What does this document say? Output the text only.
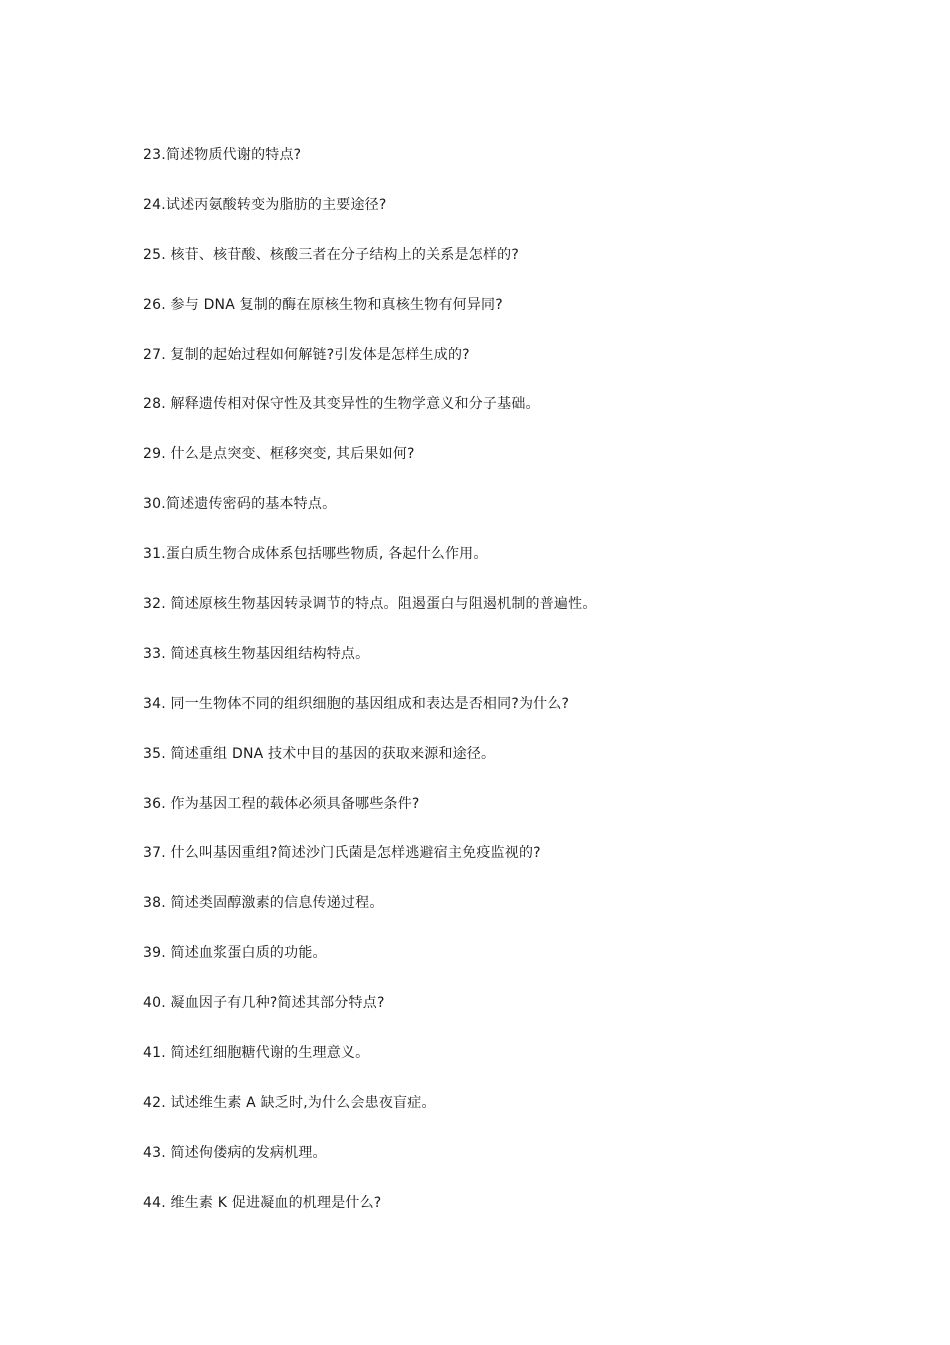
23.简述物质代谢的特点?
24.试述丙氨酸转变为脂肪的主要途径?
25. 核苷、核苷酸、核酸三者在分子结构上的关系是怎样的?
26. 参与 DNA 复制的酶在原核生物和真核生物有何异同?
27. 复制的起始过程如何解链?引发体是怎样生成的?
28. 解释遗传相对保守性及其变异性的生物学意义和分子基础。
29. 什么是点突变、框移突变, 其后果如何?
30.简述遗传密码的基本特点。
31.蛋白质生物合成体系包括哪些物质, 各起什么作用。
32. 简述原核生物基因转录调节的特点。阻遏蛋白与阻遏机制的普遍性。
33. 简述真核生物基因组结构特点。
34. 同一生物体不同的组织细胞的基因组成和表达是否相同?为什么?
35. 简述重组 DNA 技术中目的基因的获取来源和途径。
36. 作为基因工程的载体必须具备哪些条件?
37. 什么叫基因重组?简述沙门氏菌是怎样逃避宿主免疫监视的?
38. 简述类固醇激素的信息传递过程。
39. 简述血浆蛋白质的功能。
40. 凝血因子有几种?简述其部分特点?
41. 简述红细胞糖代谢的生理意义。
42. 试述维生素 A 缺乏时,为什么会患夜盲症。
43. 简述佝偻病的发病机理。
44. 维生素 K 促进凝血的机理是什么?
